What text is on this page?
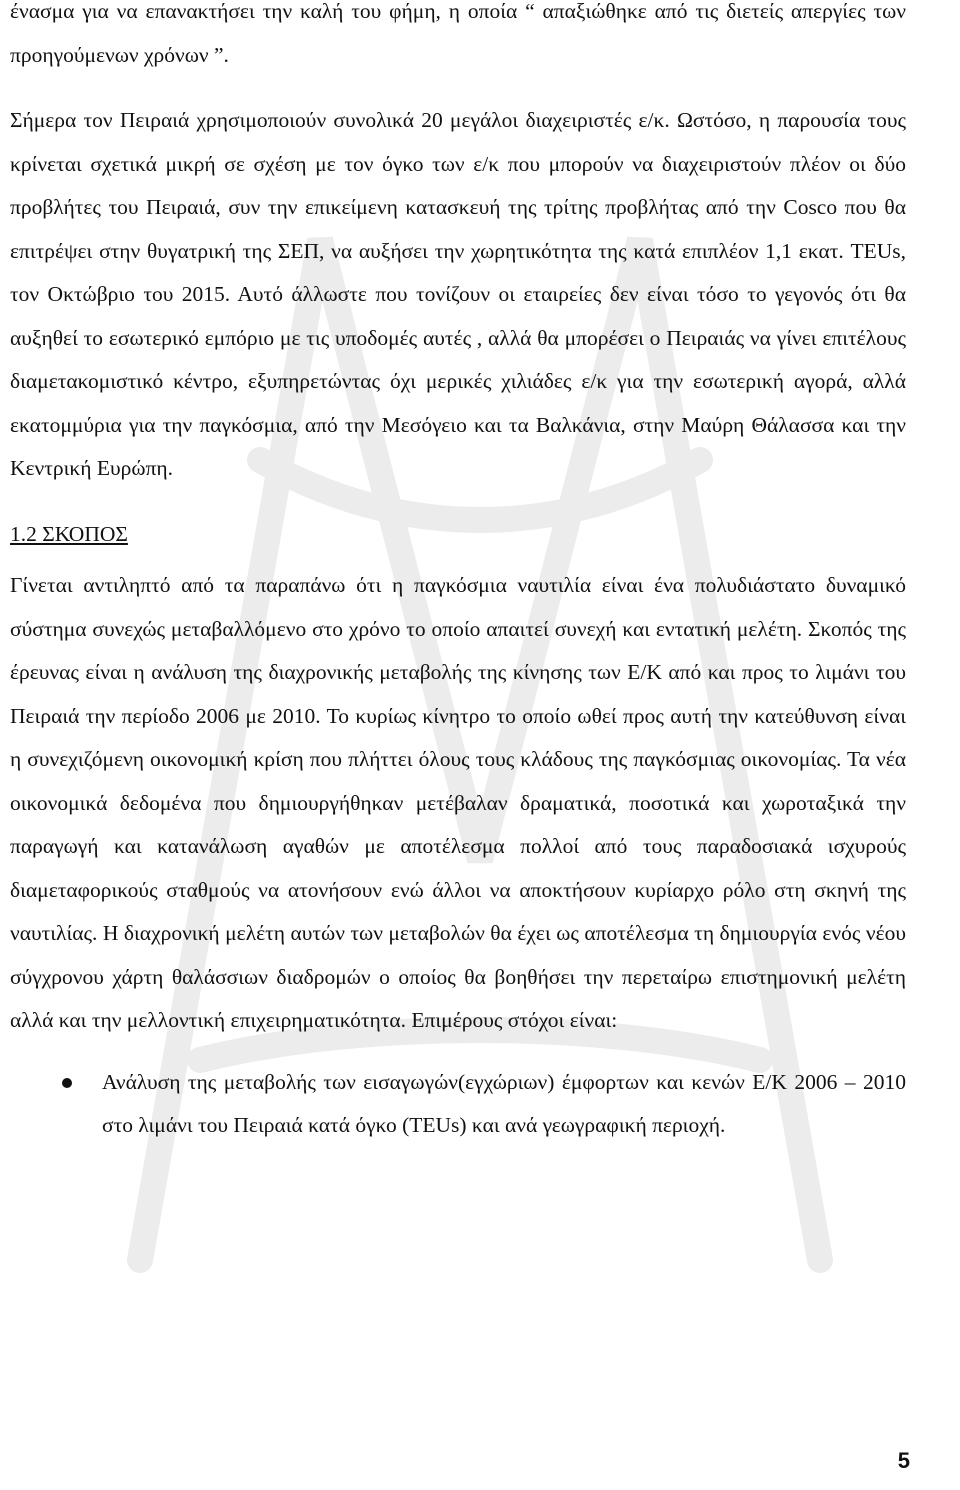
ένασμα για να επανακτήσει την καλή του φήμη, η οποία “ απαξιώθηκε από τις διετείς απεργίες των προηγούμενων χρόνων ”.

Σήμερα τον Πειραιά χρησιμοποιούν συνολικά 20 μεγάλοι διαχειριστές ε/κ. Ωστόσο, η παρουσία τους κρίνεται σχετικά μικρή σε σχέση με τον όγκο των ε/κ που μπορούν να διαχειριστούν πλέον οι δύο προβλήτες του Πειραιά, συν την επικείμενη κατασκευή της τρίτης προβλήτας από την Cosco που θα επιτρέψει στην θυγατρική της ΣΕΠ, να αυξήσει την χωρητικότητα της κατά επιπλέον 1,1 εκατ. TEUs, τον Οκτώβριο του 2015. Αυτό άλλωστε που τονίζουν οι εταιρείες δεν είναι τόσο το γεγονός ότι θα αυξηθεί το εσωτερικό εμπόριο με τις υποδομές αυτές , αλλά θα μπορέσει ο Πειραιάς να γίνει επιτέλους διαμετακομιστικό κέντρο, εξυπηρετώντας όχι μερικές χιλιάδες ε/κ για την εσωτερική αγορά, αλλά εκατομμύρια για την παγκόσμια, από την Μεσόγειο και τα Βαλκάνια, στην Μαύρη Θάλασσα και την Κεντρική Ευρώπη.

1.2 ΣΚΟΠΟΣ

Γίνεται αντιληπτό από τα παραπάνω ότι η παγκόσμια ναυτιλία είναι ένα πολυδιάστατο δυναμικό σύστημα συνεχώς μεταβαλλόμενο στο χρόνο το οποίο απαιτεί συνεχή και εντατική μελέτη. Σκοπός της έρευνας είναι η ανάλυση της διαχρονικής μεταβολής της κίνησης των Ε/Κ από και προς το λιμάνι του Πειραιά την περίοδο 2006 με 2010. Το κυρίως κίνητρο το οποίο ωθεί προς αυτή την κατεύθυνση είναι η συνεχιζόμενη οικονομική κρίση που πλήττει όλους τους κλάδους της παγκόσμιας οικονομίας. Τα νέα οικονομικά δεδομένα που δημιουργήθηκαν μετέβαλαν δραματικά, ποσοτικά και χωροταξικά την παραγωγή και κατανάλωση αγαθών με αποτέλεσμα πολλοί από τους παραδοσιακά ισχυρούς διαμεταφορικούς σταθμούς να ατονήσουν ενώ άλλοι να αποκτήσουν κυρίαρχο ρόλο στη σκηνή της ναυτιλίας. Η διαχρονική μελέτη αυτών των μεταβολών θα έχει ως αποτέλεσμα τη δημιουργία ενός νέου σύγχρονου χάρτη θαλάσσιων διαδρομών ο οποίος θα βοηθήσει την περεταίρω επιστημονική μελέτη αλλά και την μελλοντική επιχειρηματικότητα. Επιμέρους στόχοι είναι:

Ανάλυση της μεταβολής των εισαγωγών(εγχώριων) έμφορτων και κενών Ε/Κ 2006 – 2010 στο λιμάνι του Πειραιά κατά όγκο (TEUs) και ανά γεωγραφική περιοχή.
5
